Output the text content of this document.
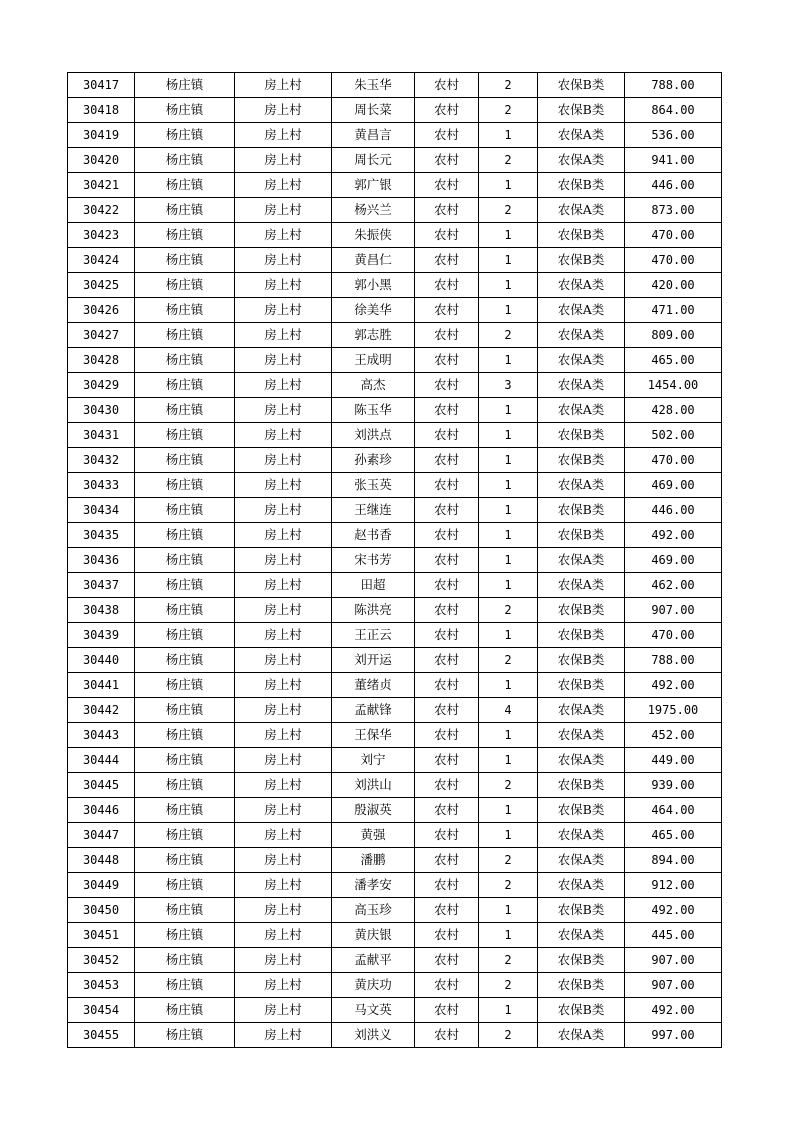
30417	杨庄镇	房上村	朱玉华	农村	2	农保B类	788.00
30418	杨庄镇	房上村	周长菜	农村	2	农保B类	864.00
30419	杨庄镇	房上村	黄昌言	农村	1	农保A类	536.00
30420	杨庄镇	房上村	周长元	农村	2	农保A类	941.00
30421	杨庄镇	房上村	郭广银	农村	1	农保B类	446.00
30422	杨庄镇	房上村	杨兴兰	农村	2	农保A类	873.00
30423	杨庄镇	房上村	朱振侠	农村	1	农保B类	470.00
30424	杨庄镇	房上村	黄昌仁	农村	1	农保B类	470.00
30425	杨庄镇	房上村	郭小黑	农村	1	农保A类	420.00
30426	杨庄镇	房上村	徐美华	农村	1	农保A类	471.00
30427	杨庄镇	房上村	郭志胜	农村	2	农保A类	809.00
30428	杨庄镇	房上村	王成明	农村	1	农保A类	465.00
30429	杨庄镇	房上村	高杰	农村	3	农保A类	1454.00
30430	杨庄镇	房上村	陈玉华	农村	1	农保A类	428.00
30431	杨庄镇	房上村	刘洪点	农村	1	农保B类	502.00
30432	杨庄镇	房上村	孙素珍	农村	1	农保B类	470.00
30433	杨庄镇	房上村	张玉英	农村	1	农保A类	469.00
30434	杨庄镇	房上村	王继连	农村	1	农保B类	446.00
30435	杨庄镇	房上村	赵书香	农村	1	农保B类	492.00
30436	杨庄镇	房上村	宋书芳	农村	1	农保A类	469.00
30437	杨庄镇	房上村	田超	农村	1	农保A类	462.00
30438	杨庄镇	房上村	陈洪亮	农村	2	农保B类	907.00
30439	杨庄镇	房上村	王正云	农村	1	农保B类	470.00
30440	杨庄镇	房上村	刘开运	农村	2	农保B类	788.00
30441	杨庄镇	房上村	董绪贞	农村	1	农保B类	492.00
30442	杨庄镇	房上村	孟献锋	农村	4	农保A类	1975.00
30443	杨庄镇	房上村	王保华	农村	1	农保A类	452.00
30444	杨庄镇	房上村	刘宁	农村	1	农保A类	449.00
30445	杨庄镇	房上村	刘洪山	农村	2	农保B类	939.00
30446	杨庄镇	房上村	殷淑英	农村	1	农保B类	464.00
30447	杨庄镇	房上村	黄强	农村	1	农保A类	465.00
30448	杨庄镇	房上村	潘鹏	农村	2	农保A类	894.00
30449	杨庄镇	房上村	潘孝安	农村	2	农保A类	912.00
30450	杨庄镇	房上村	高玉珍	农村	1	农保B类	492.00
30451	杨庄镇	房上村	黄庆银	农村	1	农保A类	445.00
30452	杨庄镇	房上村	孟献平	农村	2	农保B类	907.00
30453	杨庄镇	房上村	黄庆功	农村	2	农保B类	907.00
30454	杨庄镇	房上村	马文英	农村	1	农保B类	492.00
30455	杨庄镇	房上村	刘洪义	农村	2	农保A类	997.00
